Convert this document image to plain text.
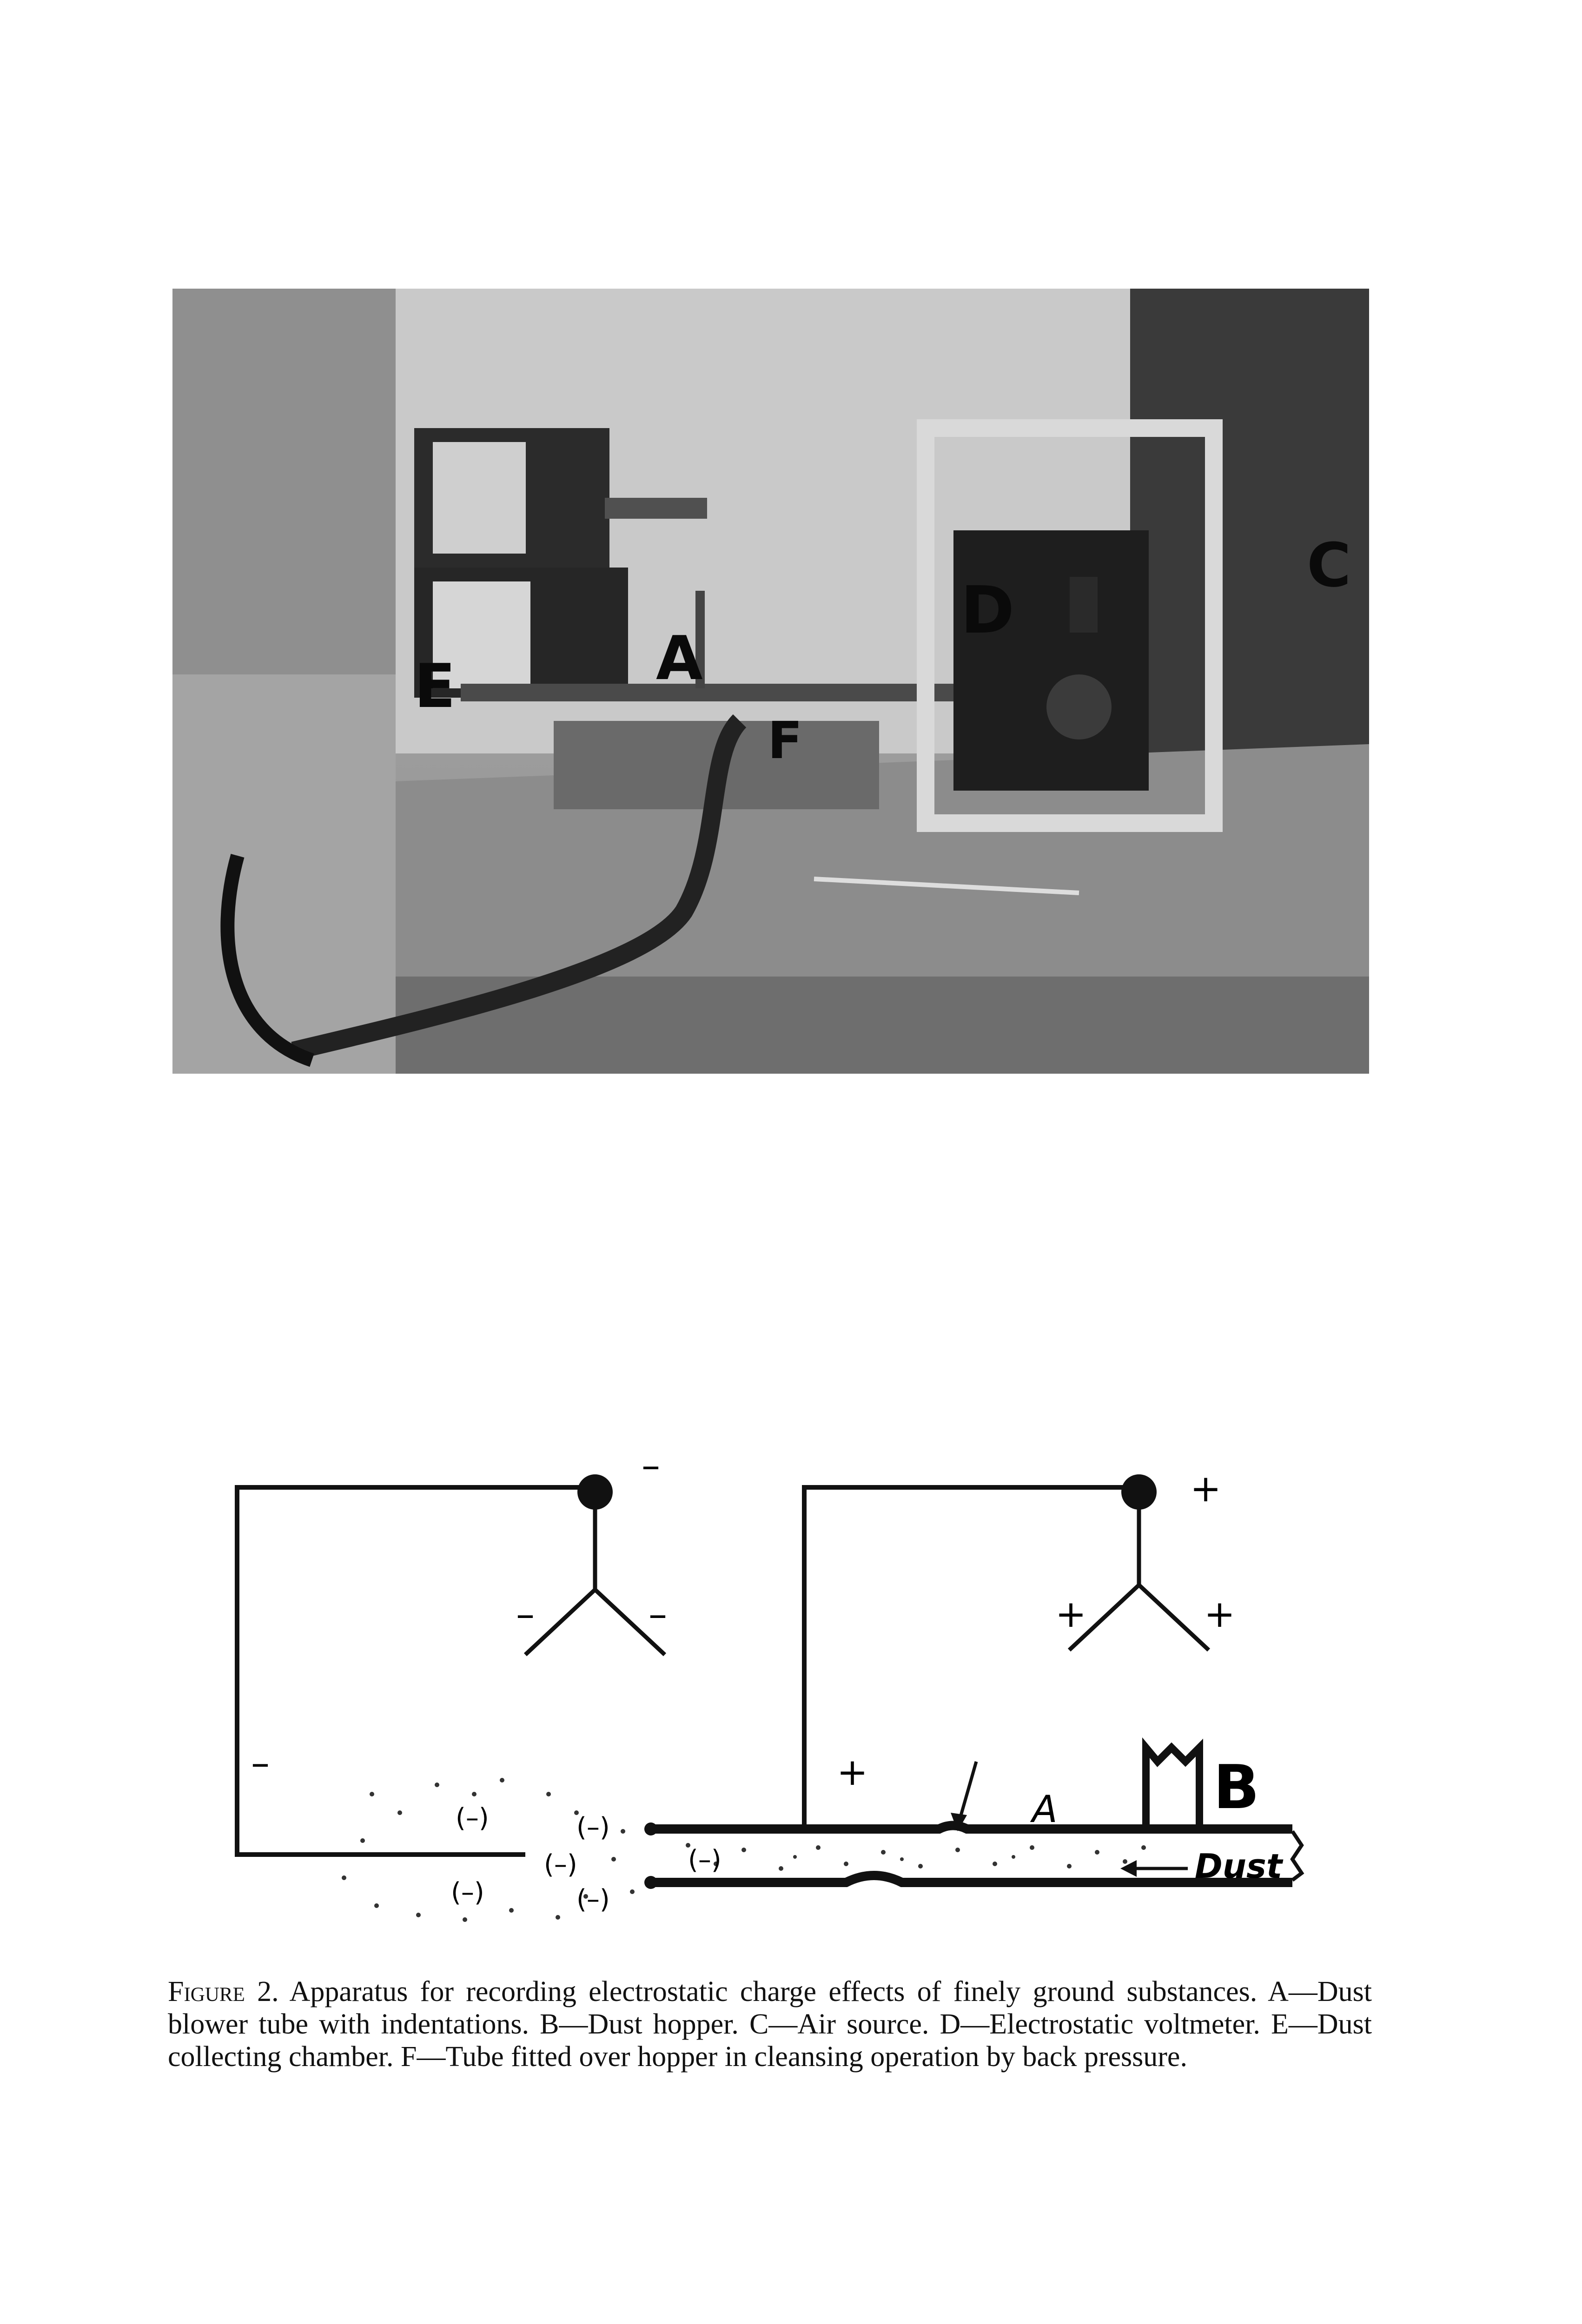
A
C
D
E
F
–
–	–
–
+
+	+
+
(–)	(–)
(–)
(–)	(–)
(–)
A	B
Dust
Figure 2. Apparatus for recording electrostatic charge effects of finely ground substances. A—Dust blower tube with indentations. B—Dust hopper. C—Air source. D—Electrostatic voltmeter. E—Dust collecting chamber. F—Tube fitted over hopper in cleansing operation by back pressure.
